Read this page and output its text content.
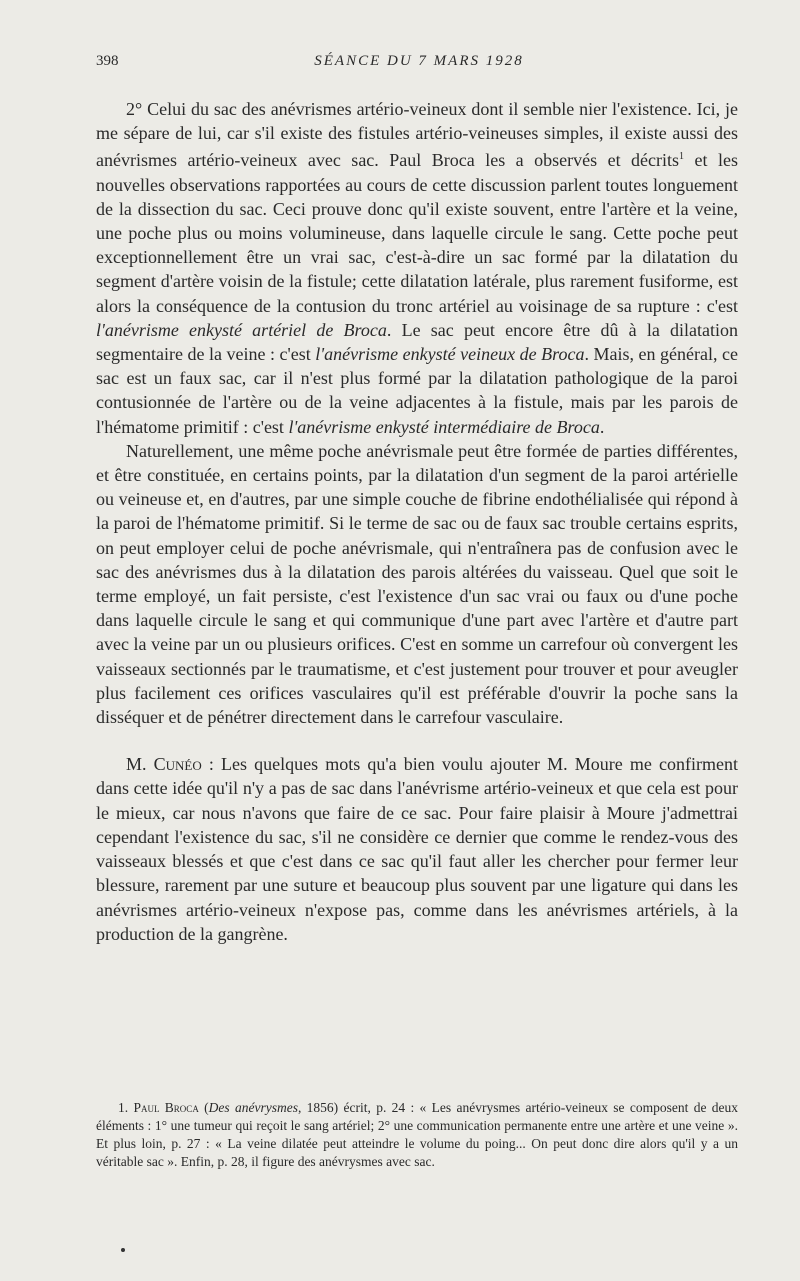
398	SÉANCE DU 7 MARS 1928

2° Celui du sac des anévrismes artério-veineux dont il semble nier l'existence. Ici, je me sépare de lui, car s'il existe des fistules artério-veineuses simples, il existe aussi des anévrismes artério-veineux avec sac. Paul Broca les a observés et décrits$^1$ et les nouvelles observations rapportées au cours de cette discussion parlent toutes longuement de la dissection du sac. Ceci prouve donc qu'il existe souvent, entre l'artère et la veine, une poche plus ou moins volumineuse, dans laquelle circule le sang. Cette poche peut exceptionnellement être un vrai sac, c'est-à-dire un sac formé par la dilatation du segment d'artère voisin de la fistule; cette dilatation latérale, plus rarement fusiforme, est alors la conséquence de la contusion du tronc artériel au voisinage de sa rupture : c'est l'anévrisme enkysté artériel de Broca. Le sac peut encore être dû à la dilatation segmentaire de la veine : c'est l'anévrisme enkysté veineux de Broca. Mais, en général, ce sac est un faux sac, car il n'est plus formé par la dilatation pathologique de la paroi contusionnée de l'artère ou de la veine adjacentes à la fistule, mais par les parois de l'hématome primitif : c'est l'anévrisme enkysté intermédiaire de Broca.

Naturellement, une même poche anévrismale peut être formée de parties différentes, et être constituée, en certains points, par la dilatation d'un segment de la paroi artérielle ou veineuse et, en d'autres, par une simple couche de fibrine endothélialisée qui répond à la paroi de l'hématome primitif. Si le terme de sac ou de faux sac trouble certains esprits, on peut employer celui de poche anévrismale, qui n'entraînera pas de confusion avec le sac des anévrismes dus à la dilatation des parois altérées du vaisseau. Quel que soit le terme employé, un fait persiste, c'est l'existence d'un sac vrai ou faux ou d'une poche dans laquelle circule le sang et qui communique d'une part avec l'artère et d'autre part avec la veine par un ou plusieurs orifices. C'est en somme un carrefour où convergent les vaisseaux sectionnés par le traumatisme, et c'est justement pour trouver et pour aveugler plus facilement ces orifices vasculaires qu'il est préférable d'ouvrir la poche sans la disséquer et de pénétrer directement dans le carrefour vasculaire.

M. Cunéo : Les quelques mots qu'a bien voulu ajouter M. Moure me confirment dans cette idée qu'il n'y a pas de sac dans l'anévrisme artério-veineux et que cela est pour le mieux, car nous n'avons que faire de ce sac. Pour faire plaisir à Moure j'admettrai cependant l'existence du sac, s'il ne considère ce dernier que comme le rendez-vous des vaisseaux blessés et que c'est dans ce sac qu'il faut aller les chercher pour fermer leur blessure, rarement par une suture et beaucoup plus souvent par une ligature qui dans les anévrismes artério-veineux n'expose pas, comme dans les anévrismes artériels, à la production de la gangrène.

1. Paul Broca (Des anévrysmes, 1856) écrit, p. 24 : « Les anévrysmes artério-veineux se composent de deux éléments : 1° une tumeur qui reçoit le sang artériel; 2° une communication permanente entre une artère et une veine ». Et plus loin, p. 27 : « La veine dilatée peut atteindre le volume du poing... On peut donc dire alors qu'il y a un véritable sac ». Enfin, p. 28, il figure des anévrysmes avec sac.
